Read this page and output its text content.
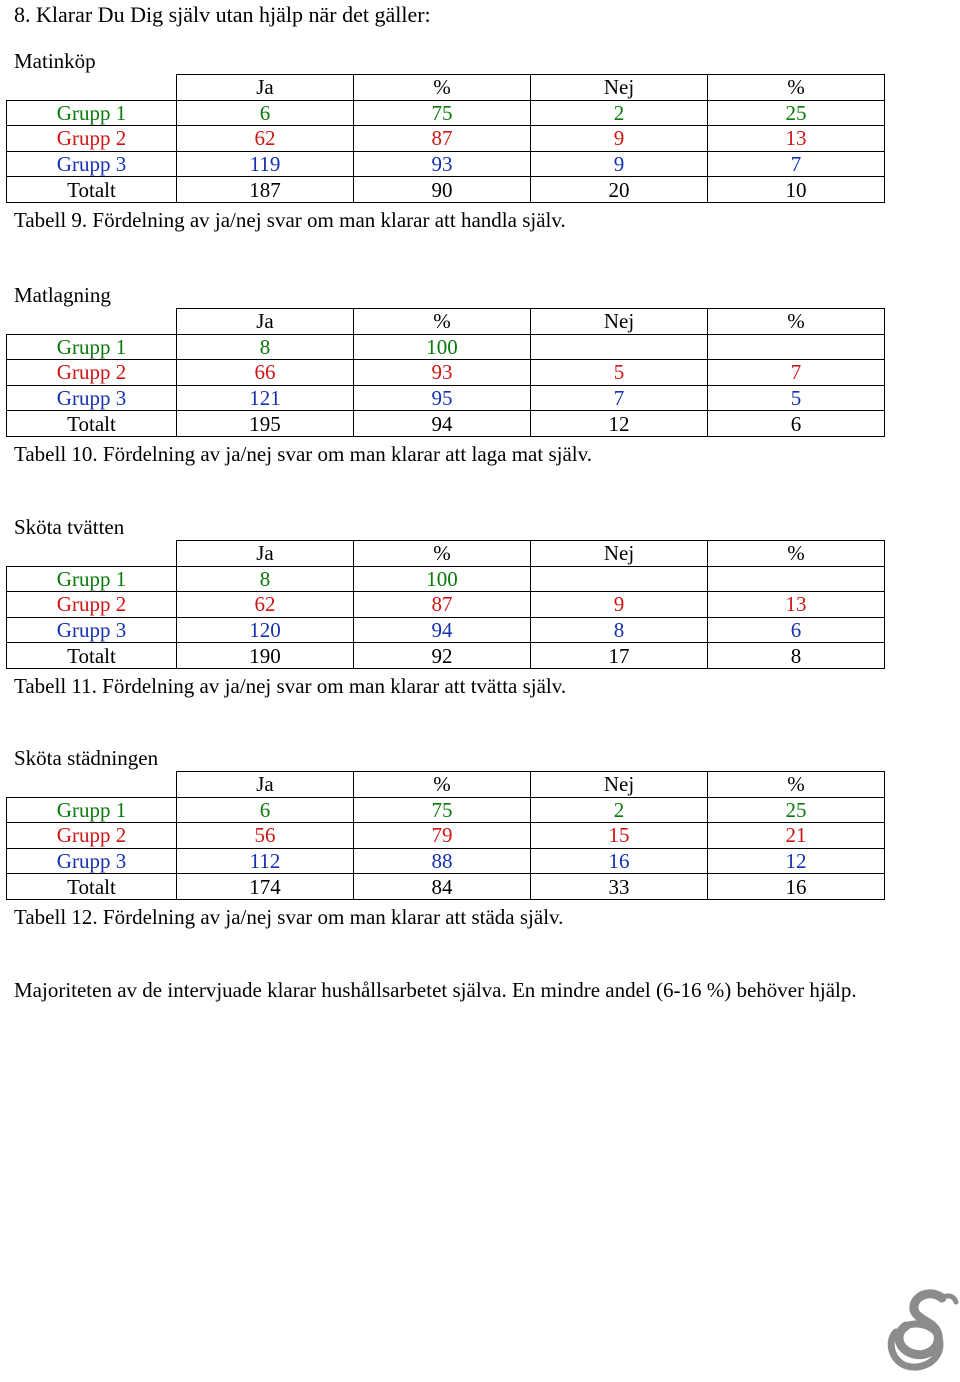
8. Klarar Du Dig själv utan hjälp när det gäller:
Matinköp
	Ja	%	Nej	%
Grupp 1	6	75	2	25
Grupp 2	62	87	9	13
Grupp 3	119	93	9	7
Totalt	187	90	20	10
Tabell 9. Fördelning av ja/nej svar om man klarar att handla själv.
Matlagning
	Ja	%	Nej	%
Grupp 1	8	100		
Grupp 2	66	93	5	7
Grupp 3	121	95	7	5
Totalt	195	94	12	6
Tabell 10. Fördelning av ja/nej svar om man klarar att laga mat själv.
Sköta tvätten
	Ja	%	Nej	%
Grupp 1	8	100		
Grupp 2	62	87	9	13
Grupp 3	120	94	8	6
Totalt	190	92	17	8
Tabell 11. Fördelning av ja/nej svar om man klarar att tvätta själv.
Sköta städningen
	Ja	%	Nej	%
Grupp 1	6	75	2	25
Grupp 2	56	79	15	21
Grupp 3	112	88	16	12
Totalt	174	84	33	16
Tabell 12. Fördelning av ja/nej svar om man klarar att städa själv.
Majoriteten av de intervjuade klarar hushållsarbetet själva. En mindre andel (6-16 %) behöver hjälp.
